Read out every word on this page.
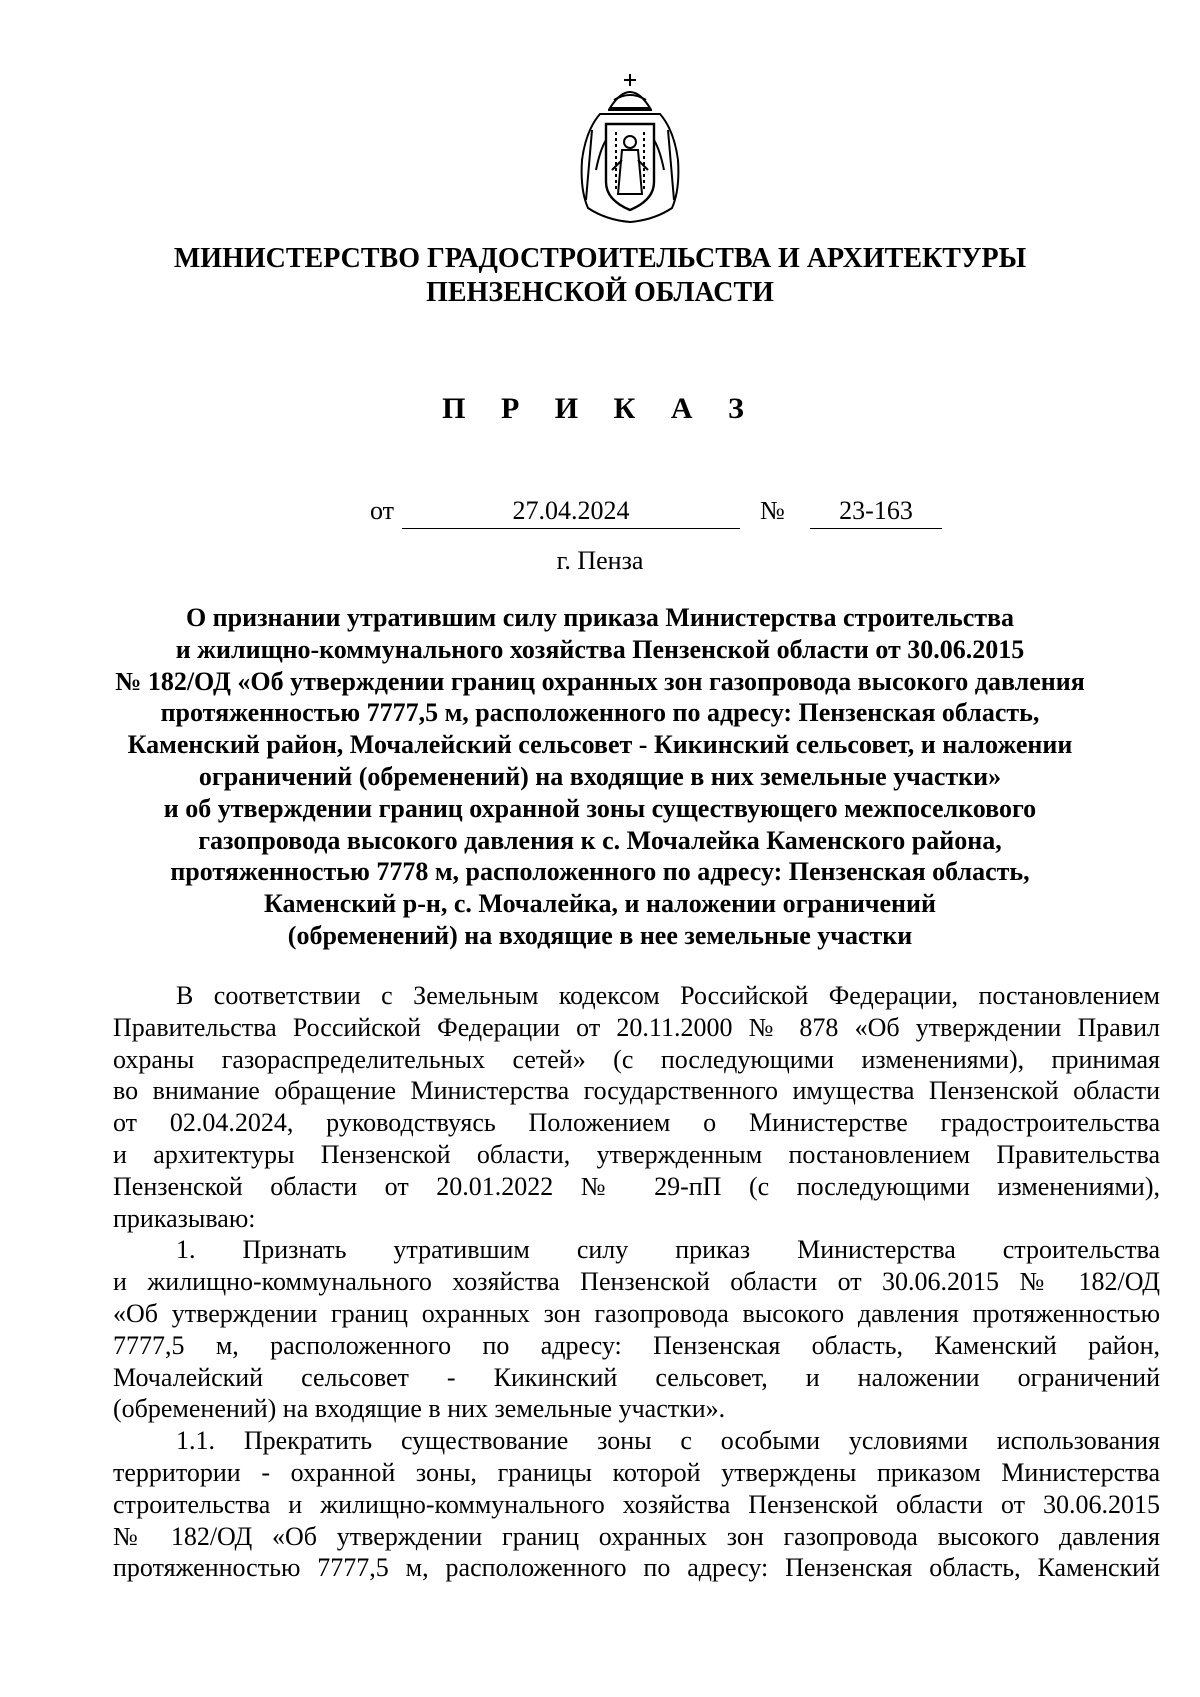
МИНИСТЕРСТВО ГРАДОСТРОИТЕЛЬСТВА И АРХИТЕКТУРЫ
ПЕНЗЕНСКОЙ ОБЛАСТИ
П Р И К А З
от	27.04.2024	№	23-163
г. Пенза
О признании утратившим силу приказа Министерства строительства
и жилищно-коммунального хозяйства Пензенской области от 30.06.2015
№ 182/ОД «Об утверждении границ охранных зон газопровода высокого давления
протяженностью 7777,5 м, расположенного по адресу: Пензенская область,
Каменский район, Мочалейский сельсовет - Кикинский сельсовет, и наложении
ограничений (обременений) на входящие в них земельные участки»
и об утверждении границ охранной зоны существующего межпоселкового
газопровода высокого давления к с. Мочалейка Каменского района,
протяженностью 7778 м, расположенного по адресу: Пензенская область,
Каменский р-н, с. Мочалейка, и наложении ограничений
(обременений) на входящие в нее земельные участки
В соответствии с Земельным кодексом Российской Федерации, постановлением
Правительства Российской Федерации от 20.11.2000 № 878 «Об утверждении Правил
охраны газораспределительных сетей» (с последующими изменениями), принимая
во внимание обращение Министерства государственного имущества Пензенской области
от 02.04.2024, руководствуясь Положением о Министерстве градостроительства
и архитектуры Пензенской области, утвержденным постановлением Правительства
Пензенской области от 20.01.2022 № 29-пП (с последующими изменениями),
приказываю:
1. Признать утратившим силу приказ Министерства строительства
и жилищно-коммунального хозяйства Пензенской области от 30.06.2015 № 182/ОД
«Об утверждении границ охранных зон газопровода высокого давления протяженностью
7777,5 м, расположенного по адресу: Пензенская область, Каменский район,
Мочалейский сельсовет - Кикинский сельсовет, и наложении ограничений
(обременений) на входящие в них земельные участки».
1.1. Прекратить существование зоны с особыми условиями использования
территории - охранной зоны, границы которой утверждены приказом Министерства
строительства и жилищно-коммунального хозяйства Пензенской области от 30.06.2015
№ 182/ОД «Об утверждении границ охранных зон газопровода высокого давления
протяженностью 7777,5 м, расположенного по адресу: Пензенская область, Каменский
